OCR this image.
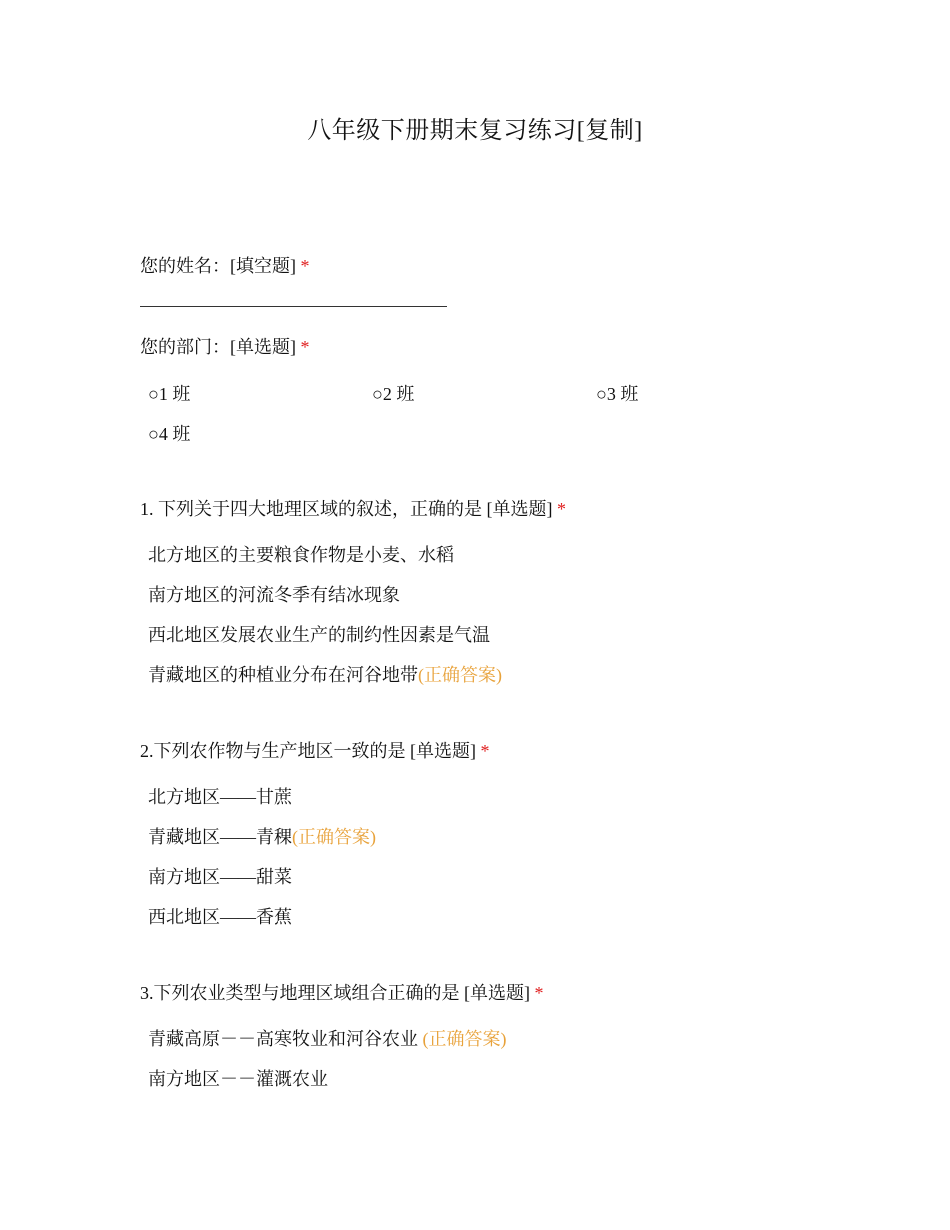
八年级下册期末复习练习[复制]
您的姓名：[填空题] *
您的部门：[单选题] *
○1 班	○2 班	○3 班
○4 班
1. 下列关于四大地理区域的叙述，正确的是 [单选题] *
北方地区的主要粮食作物是小麦、水稻
南方地区的河流冬季有结冰现象
西北地区发展农业生产的制约性因素是气温
青藏地区的种植业分布在河谷地带(正确答案)
2.下列农作物与生产地区一致的是 [单选题] *
北方地区——甘蔗
青藏地区——青稞(正确答案)
南方地区——甜菜
西北地区——香蕉
3.下列农业类型与地理区域组合正确的是 [单选题] *
青藏高原－－高寒牧业和河谷农业 (正确答案)
南方地区－－灌溉农业
